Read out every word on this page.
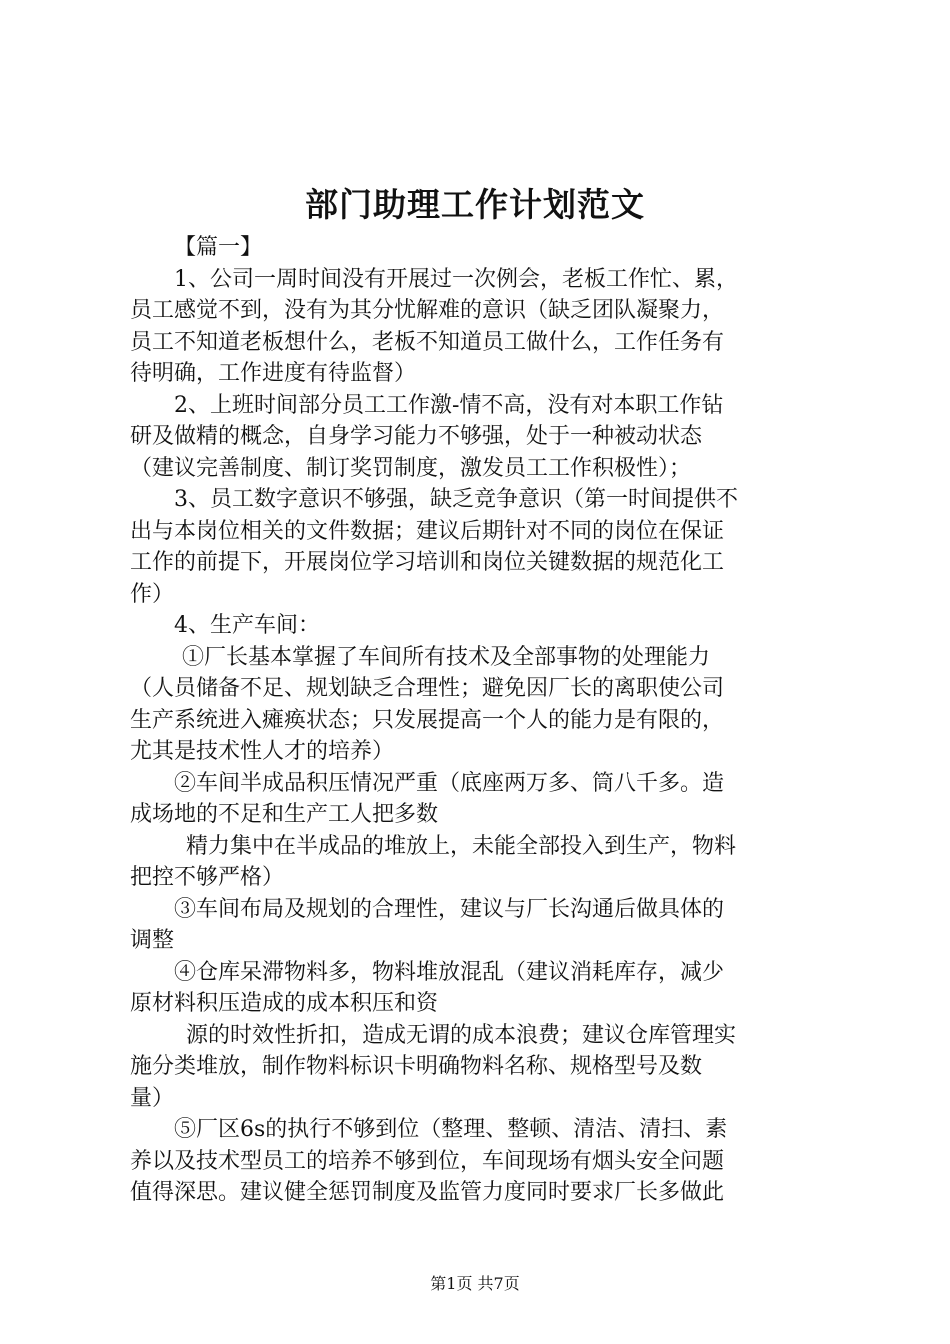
部门助理工作计划范文
【篇一】
1、公司一周时间没有开展过一次例会，老板工作忙、累，
员工感觉不到，没有为其分忧解难的意识（缺乏团队凝聚力，
员工不知道老板想什么，老板不知道员工做什么，工作任务有
待明确，工作进度有待监督）
2、上班时间部分员工工作激-情不高，没有对本职工作钻
研及做精的概念，自身学习能力不够强，处于一种被动状态
（建议完善制度、制订奖罚制度，激发员工工作积极性）；
3、员工数字意识不够强，缺乏竞争意识（第一时间提供不
出与本岗位相关的文件数据；建议后期针对不同的岗位在保证
工作的前提下，开展岗位学习培训和岗位关键数据的规范化工
作）
4、生产车间：
①厂长基本掌握了车间所有技术及全部事物的处理能力
（人员储备不足、规划缺乏合理性；避免因厂长的离职使公司
生产系统进入瘫痪状态；只发展提高一个人的能力是有限的，
尤其是技术性人才的培养）
②车间半成品积压情况严重（底座两万多、筒八千多。造
成场地的不足和生产工人把多数
精力集中在半成品的堆放上，未能全部投入到生产，物料
把控不够严格）
③车间布局及规划的合理性，建议与厂长沟通后做具体的
调整
④仓库呆滞物料多，物料堆放混乱（建议消耗库存，减少
原材料积压造成的成本积压和资
源的时效性折扣，造成无谓的成本浪费；建议仓库管理实
施分类堆放，制作物料标识卡明确物料名称、规格型号及数
量）
⑤厂区6s的执行不够到位（整理、整顿、清洁、清扫、素
养以及技术型员工的培养不够到位，车间现场有烟头安全问题
值得深思。建议健全惩罚制度及监管力度同时要求厂长多做此
第1页 共7页
